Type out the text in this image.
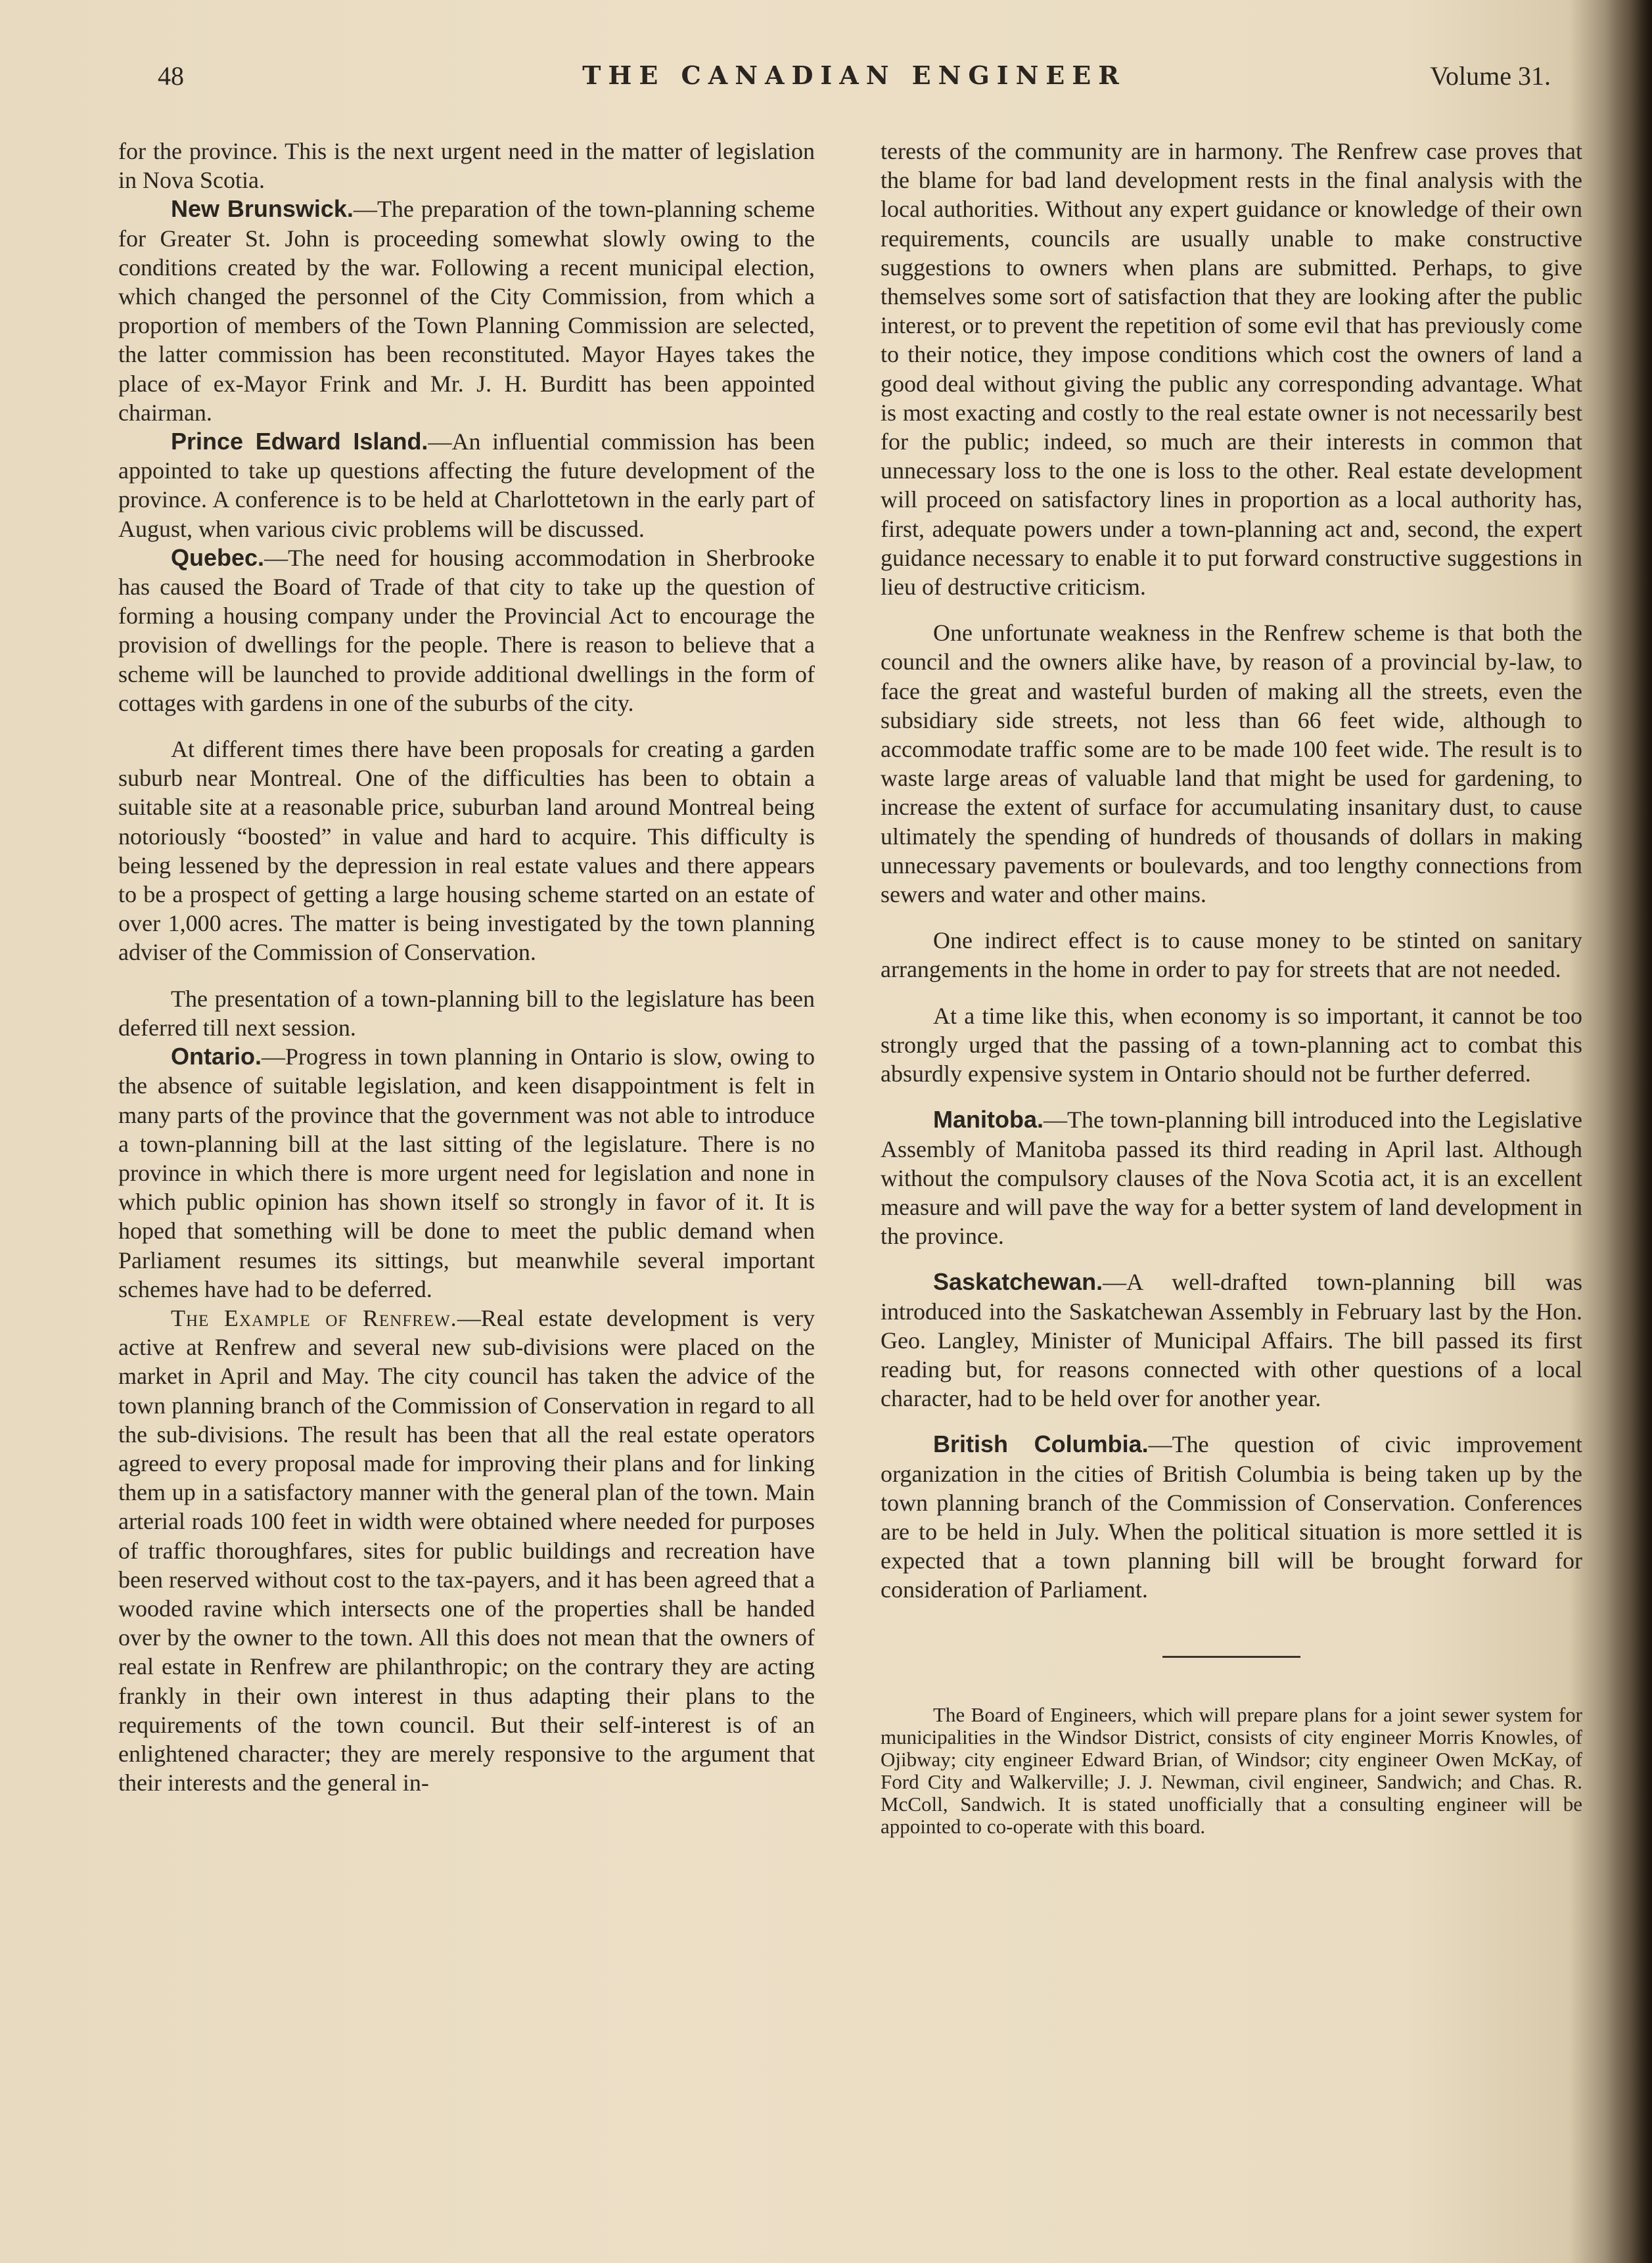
48	THE CANADIAN ENGINEER	Volume 31.

for the province. This is the next urgent need in the matter of legislation in Nova Scotia.

New Brunswick.—The preparation of the town-planning scheme for Greater St. John is proceeding somewhat slowly owing to the conditions created by the war. Following a recent municipal election, which changed the personnel of the City Commission, from which a proportion of members of the Town Planning Commission are selected, the latter commission has been reconstituted. Mayor Hayes takes the place of ex-Mayor Frink and Mr. J. H. Burditt has been appointed chairman.

Prince Edward Island.—An influential commission has been appointed to take up questions affecting the future development of the province. A conference is to be held at Charlottetown in the early part of August, when various civic problems will be discussed.

Quebec.—The need for housing accommodation in Sherbrooke has caused the Board of Trade of that city to take up the question of forming a housing company under the Provincial Act to encourage the provision of dwellings for the people. There is reason to believe that a scheme will be launched to provide additional dwellings in the form of cottages with gardens in one of the suburbs of the city.

At different times there have been proposals for creating a garden suburb near Montreal. One of the difficulties has been to obtain a suitable site at a reasonable price, suburban land around Montreal being notoriously “boosted” in value and hard to acquire. This difficulty is being lessened by the depression in real estate values and there appears to be a prospect of getting a large housing scheme started on an estate of over 1,000 acres. The matter is being investigated by the town planning adviser of the Commission of Conservation.

The presentation of a town-planning bill to the legislature has been deferred till next session.

Ontario.—Progress in town planning in Ontario is slow, owing to the absence of suitable legislation, and keen disappointment is felt in many parts of the province that the government was not able to introduce a town-planning bill at the last sitting of the legislature. There is no province in which there is more urgent need for legislation and none in which public opinion has shown itself so strongly in favor of it. It is hoped that something will be done to meet the public demand when Parliament resumes its sittings, but meanwhile several important schemes have had to be deferred.

The Example of Renfrew.—Real estate development is very active at Renfrew and several new sub-divisions were placed on the market in April and May. The city council has taken the advice of the town planning branch of the Commission of Conservation in regard to all the sub-divisions. The result has been that all the real estate operators agreed to every proposal made for improving their plans and for linking them up in a satisfactory manner with the general plan of the town. Main arterial roads 100 feet in width were obtained where needed for purposes of traffic thoroughfares, sites for public buildings and recreation have been reserved without cost to the tax-payers, and it has been agreed that a wooded ravine which intersects one of the properties shall be handed over by the owner to the town. All this does not mean that the owners of real estate in Renfrew are philanthropic; on the contrary they are acting frankly in their own interest in thus adapting their plans to the requirements of the town council. But their self-interest is of an enlightened character; they are merely responsive to the argument that their interests and the general in-

terests of the community are in harmony. The Renfrew case proves that the blame for bad land development rests in the final analysis with the local authorities. Without any expert guidance or knowledge of their own requirements, councils are usually unable to make constructive suggestions to owners when plans are submitted. Perhaps, to give themselves some sort of satisfaction that they are looking after the public interest, or to prevent the repetition of some evil that has previously come to their notice, they impose conditions which cost the owners of land a good deal without giving the public any corresponding advantage. What is most exacting and costly to the real estate owner is not necessarily best for the public; indeed, so much are their interests in common that unnecessary loss to the one is loss to the other. Real estate development will proceed on satisfactory lines in proportion as a local authority has, first, adequate powers under a town-planning act and, second, the expert guidance necessary to enable it to put forward constructive suggestions in lieu of destructive criticism.

One unfortunate weakness in the Renfrew scheme is that both the council and the owners alike have, by reason of a provincial by-law, to face the great and wasteful burden of making all the streets, even the subsidiary side streets, not less than 66 feet wide, although to accommodate traffic some are to be made 100 feet wide. The result is to waste large areas of valuable land that might be used for gardening, to increase the extent of surface for accumulating insanitary dust, to cause ultimately the spending of hundreds of thousands of dollars in making unnecessary pavements or boulevards, and too lengthy connections from sewers and water and other mains.

One indirect effect is to cause money to be stinted on sanitary arrangements in the home in order to pay for streets that are not needed.

At a time like this, when economy is so important, it cannot be too strongly urged that the passing of a town-planning act to combat this absurdly expensive system in Ontario should not be further deferred.

Manitoba.—The town-planning bill introduced into the Legislative Assembly of Manitoba passed its third reading in April last. Although without the compulsory clauses of the Nova Scotia act, it is an excellent measure and will pave the way for a better system of land development in the province.

Saskatchewan.—A well-drafted town-planning bill was introduced into the Saskatchewan Assembly in February last by the Hon. Geo. Langley, Minister of Municipal Affairs. The bill passed its first reading but, for reasons connected with other questions of a local character, had to be held over for another year.

British Columbia.—The question of civic improvement organization in the cities of British Columbia is being taken up by the town planning branch of the Commission of Conservation. Conferences are to be held in July. When the political situation is more settled it is expected that a town planning bill will be brought forward for consideration of Parliament.

The Board of Engineers, which will prepare plans for a joint sewer system for municipalities in the Windsor District, consists of city engineer Morris Knowles, of Ojibway; city engineer Edward Brian, of Windsor; city engineer Owen McKay, of Ford City and Walkerville; J. J. Newman, civil engineer, Sandwich; and Chas. R. McColl, Sandwich. It is stated unofficially that a consulting engineer will be appointed to co-operate with this board.
